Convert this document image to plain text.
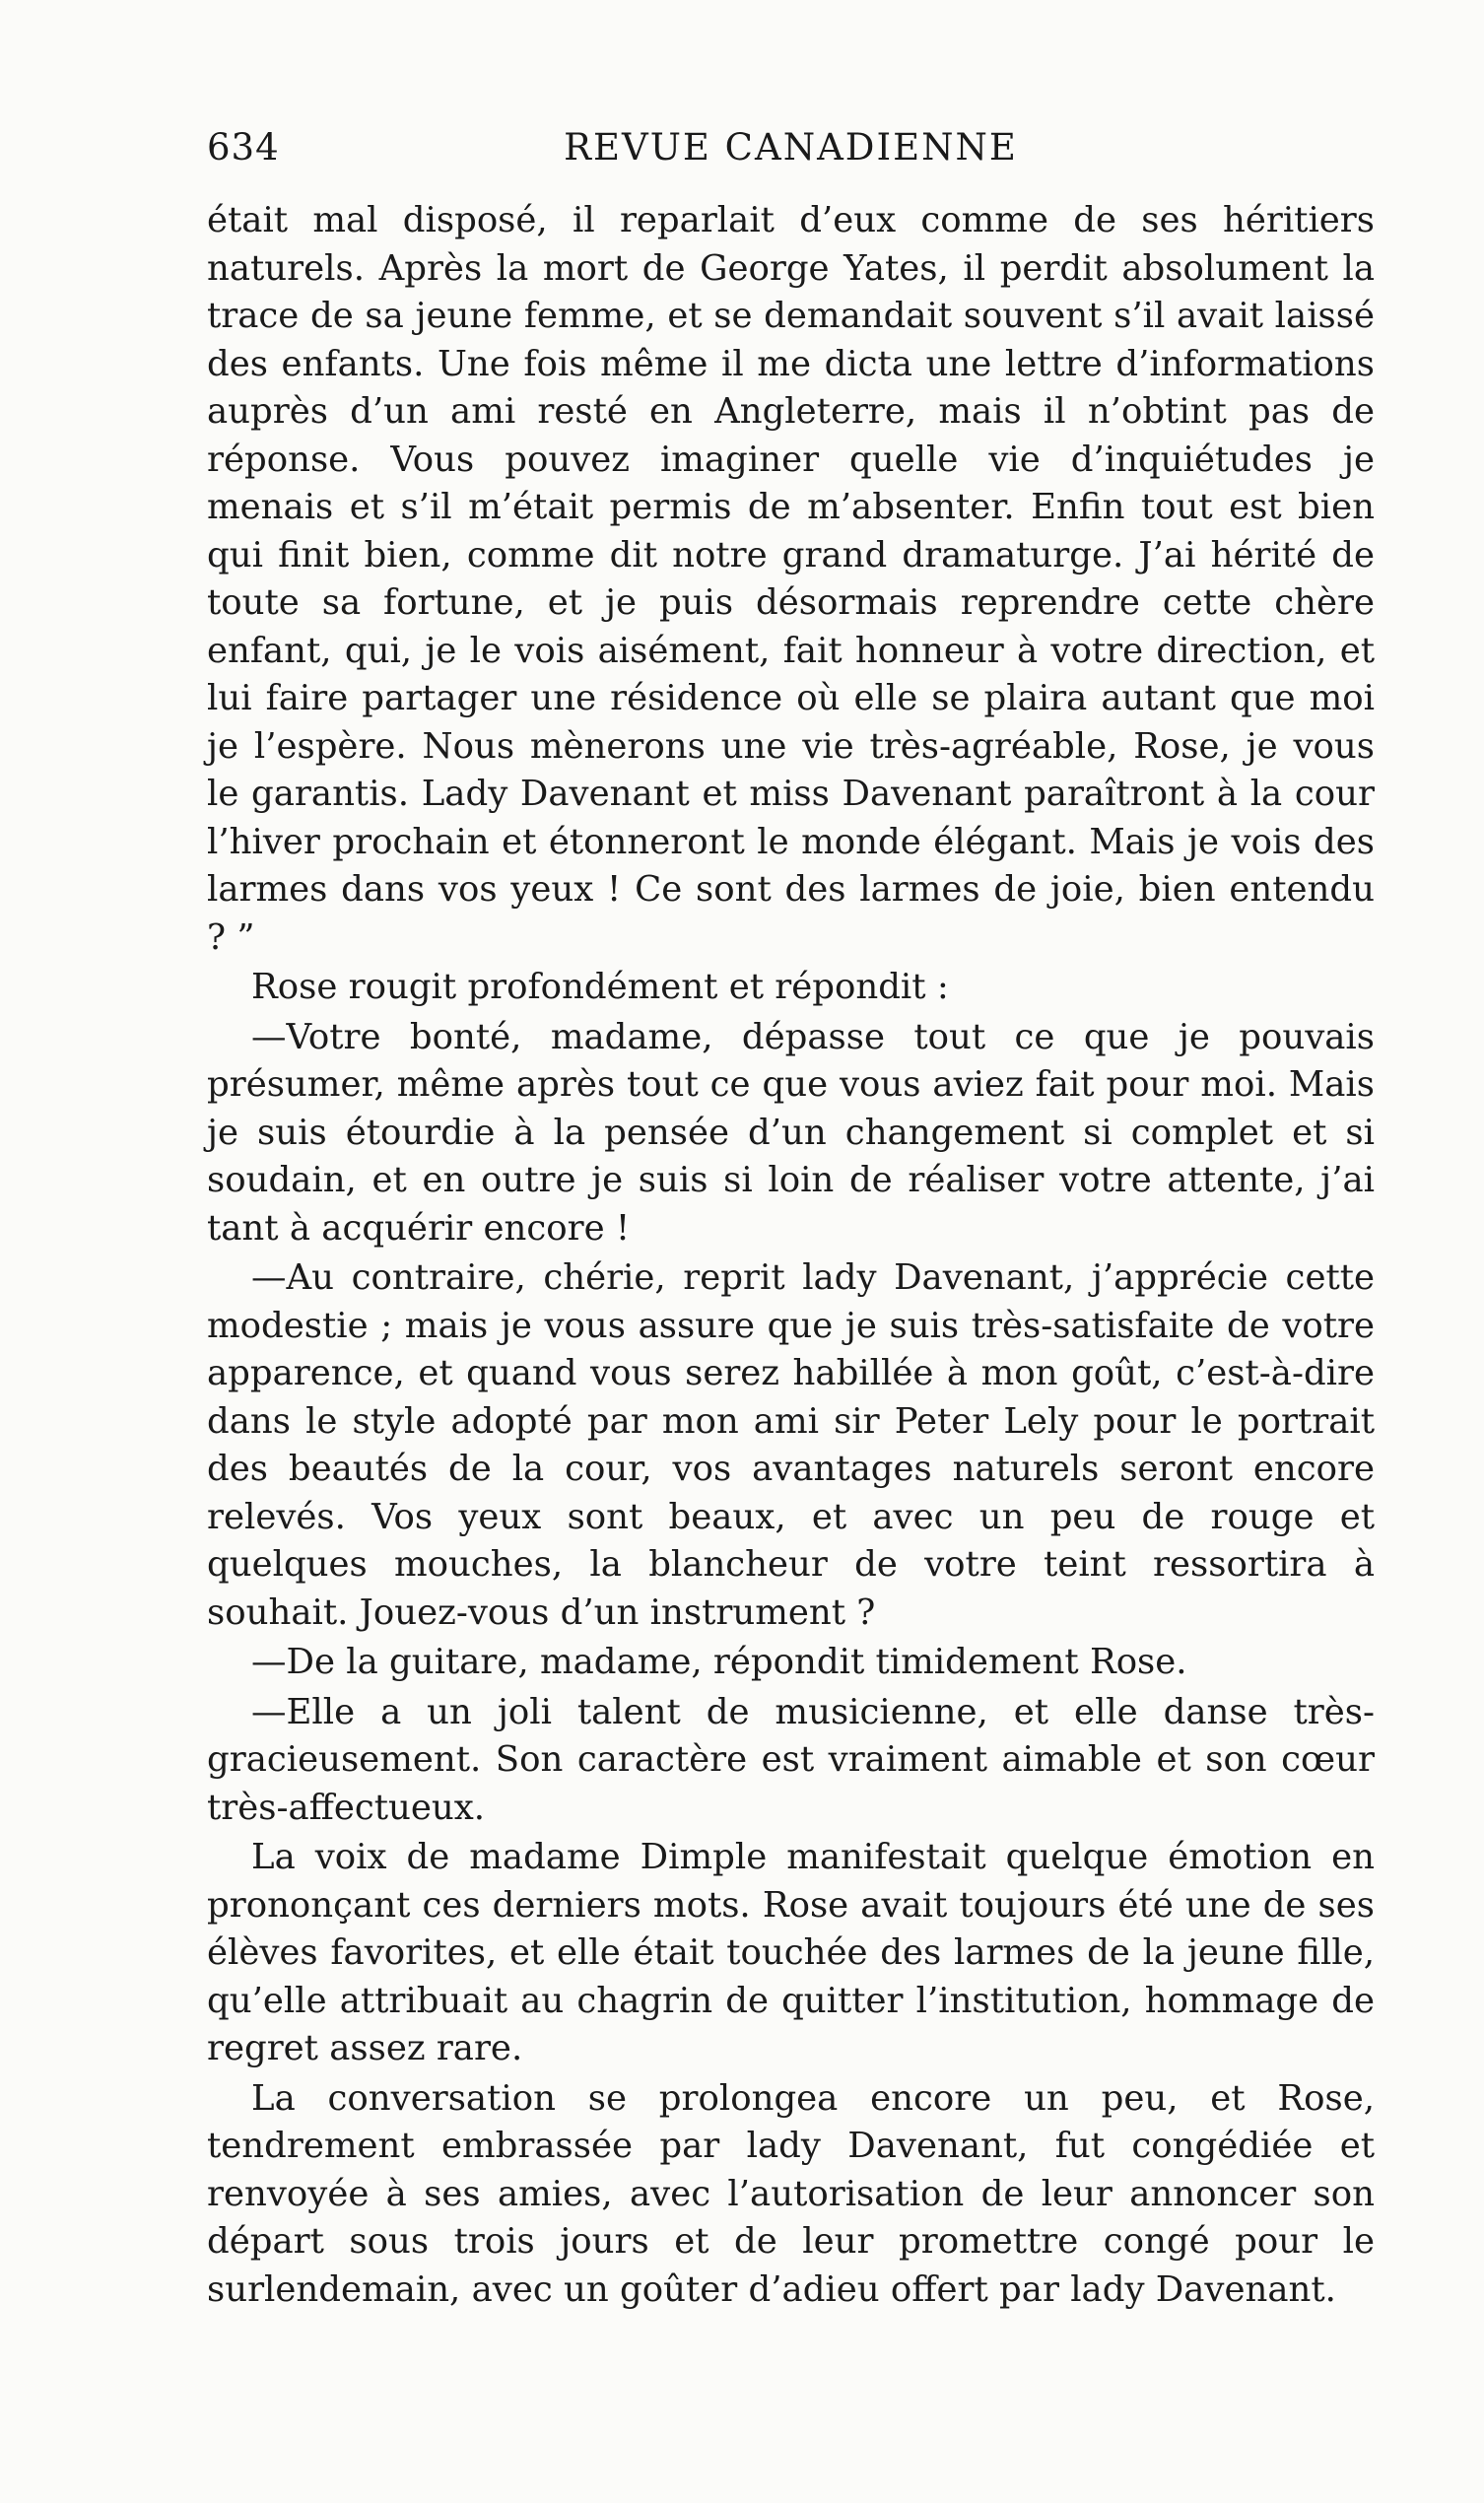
634	REVUE CANADIENNE

était mal disposé, il reparlait d’eux comme de ses héritiers naturels. Après la mort de George Yates, il perdit absolument la trace de sa jeune femme, et se demandait souvent s’il avait laissé des enfants. Une fois même il me dicta une lettre d’informations auprès d’un ami resté en Angleterre, mais il n’obtint pas de réponse. Vous pouvez imaginer quelle vie d’inquiétudes je menais et s’il m’était permis de m’absenter. Enfin tout est bien qui finit bien, comme dit notre grand dramaturge. J’ai hérité de toute sa fortune, et je puis désormais reprendre cette chère enfant, qui, je le vois aisément, fait honneur à votre direction, et lui faire partager une résidence où elle se plaira autant que moi je l’espère. Nous mènerons une vie très-agréable, Rose, je vous le garantis. Lady Davenant et miss Davenant paraîtront à la cour l’hiver prochain et étonneront le monde élégant. Mais je vois des larmes dans vos yeux ! Ce sont des larmes de joie, bien entendu ? ”

Rose rougit profondément et répondit :

—Votre bonté, madame, dépasse tout ce que je pouvais présumer, même après tout ce que vous aviez fait pour moi. Mais je suis étourdie à la pensée d’un changement si complet et si soudain, et en outre je suis si loin de réaliser votre attente, j’ai tant à acquérir encore !

—Au contraire, chérie, reprit lady Davenant, j’apprécie cette modestie ; mais je vous assure que je suis très-satisfaite de votre apparence, et quand vous serez habillée à mon goût, c’est-à-dire dans le style adopté par mon ami sir Peter Lely pour le portrait des beautés de la cour, vos avantages naturels seront encore relevés. Vos yeux sont beaux, et avec un peu de rouge et quelques mouches, la blancheur de votre teint ressortira à souhait. Jouez-vous d’un instrument ?

—De la guitare, madame, répondit timidement Rose.

—Elle a un joli talent de musicienne, et elle danse très-gracieusement. Son caractère est vraiment aimable et son cœur très-affectueux.

La voix de madame Dimple manifestait quelque émotion en prononçant ces derniers mots. Rose avait toujours été une de ses élèves favorites, et elle était touchée des larmes de la jeune fille, qu’elle attribuait au chagrin de quitter l’institution, hommage de regret assez rare.

La conversation se prolongea encore un peu, et Rose, tendrement embrassée par lady Davenant, fut congédiée et renvoyée à ses amies, avec l’autorisation de leur annoncer son départ sous trois jours et de leur promettre congé pour le surlendemain, avec un goûter d’adieu offert par lady Davenant.
